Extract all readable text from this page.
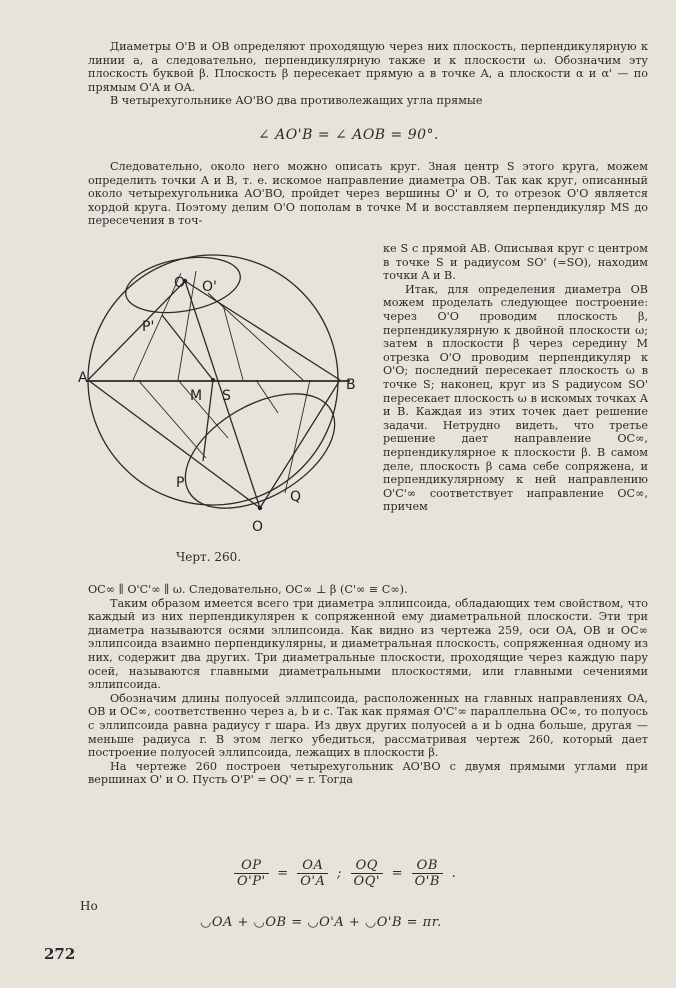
Диаметры O'B и OB определяют проходящую через них плоскость, перпендикулярную к линии a, а следовательно, перпендикулярную также и к плоскости ω. Обозначим эту плоскость буквой β. Плоскость β пересекает прямую a в точке A, а плоскости α и α' — по прямым O'A и OA.

В четырехугольнике AO'BO два противолежащих угла прямые

∠ AO'B = ∠ AOB = 90°.

Следовательно, около него можно описать круг. Зная центр S этого круга, можем определить точки A и B, т. е. искомое направление диаметра OB. Так как круг, описанный около четырехугольника AO'BO, пройдет через вершины O' и O, то отрезок O'O является хордой круга. Поэтому делим O'O пополам в точке M и восставляем перпендикуляр MS до пересечения в точ-

ке S с прямой AB. Описывая круг с центром в точке S и радиусом SO' (=SO), находим точки A и B.

Итак, для определения диаметра OB можем проделать следующее построение: через O'O проводим плоскость β, перпендикулярную к двойной плоскости ω; затем в плоскости β через середину M отрезка O'O проводим перпендикуляр к O'O; последний пересекает плоскость ω в точке S; наконец, круг из S радиусом SO' пересекает плоскость ω в искомых точках A и B. Каждая из этих точек дает решение задачи. Нетрудно видеть, что третье решение дает направление OC∞, перпендикулярное к плоскости β. В самом деле, плоскость β сама себе сопряжена, и перпендикулярному к ней направлению O'C'∞ соответствует направление OC∞, причем

O O'
P'
A	B
M S
P
Q
O
Черт. 260.

OC∞ ∥ O'C'∞ ∥ ω. Следовательно, OC∞ ⊥ β (C'∞ ≡ C∞).

Таким образом имеется всего три диаметра эллипсоида, обладающих тем свойством, что каждый из них перпендикулярен к сопряженной ему диаметральной плоскости. Эти три диаметра называются осями эллипсоида. Как видно из чертежа 259, оси OA, OB и OC∞ эллипсоида взаимно перпендикулярны, и диаметральная плоскость, сопряженная одному из них, содержит два других. Три диаметральные плоскости, проходящие через каждую пару осей, называются главными диаметральными плоскостями, или главными сечениями эллипсоида.

Обозначим длины полуосей эллипсоида, расположенных на главных направлениях OA, OB и OC∞, соответственно через a, b и c. Так как прямая O'C'∞ параллельна OC∞, то полуось c эллипсоида равна радиусу r шара. Из двух других полуосей a и b одна больше, другая — меньше радиуса r. В этом легко убедиться, рассматривая чертеж 260, который дает построение полуосей эллипсоида, лежащих в плоскости β.

На чертеже 260 построен четырехугольник AO'BO с двумя прямыми углами при вершинах O' и O. Пусть O'P' = OQ' = r. Тогда

$\frac{OP}{O'P'} = \frac{OA}{O'A}$ ; $\frac{OQ}{OQ'} = \frac{OB}{O'B}$ .
Но
◡OA + ◡OB = ◡O'A + ◡O'B = πr.
272
